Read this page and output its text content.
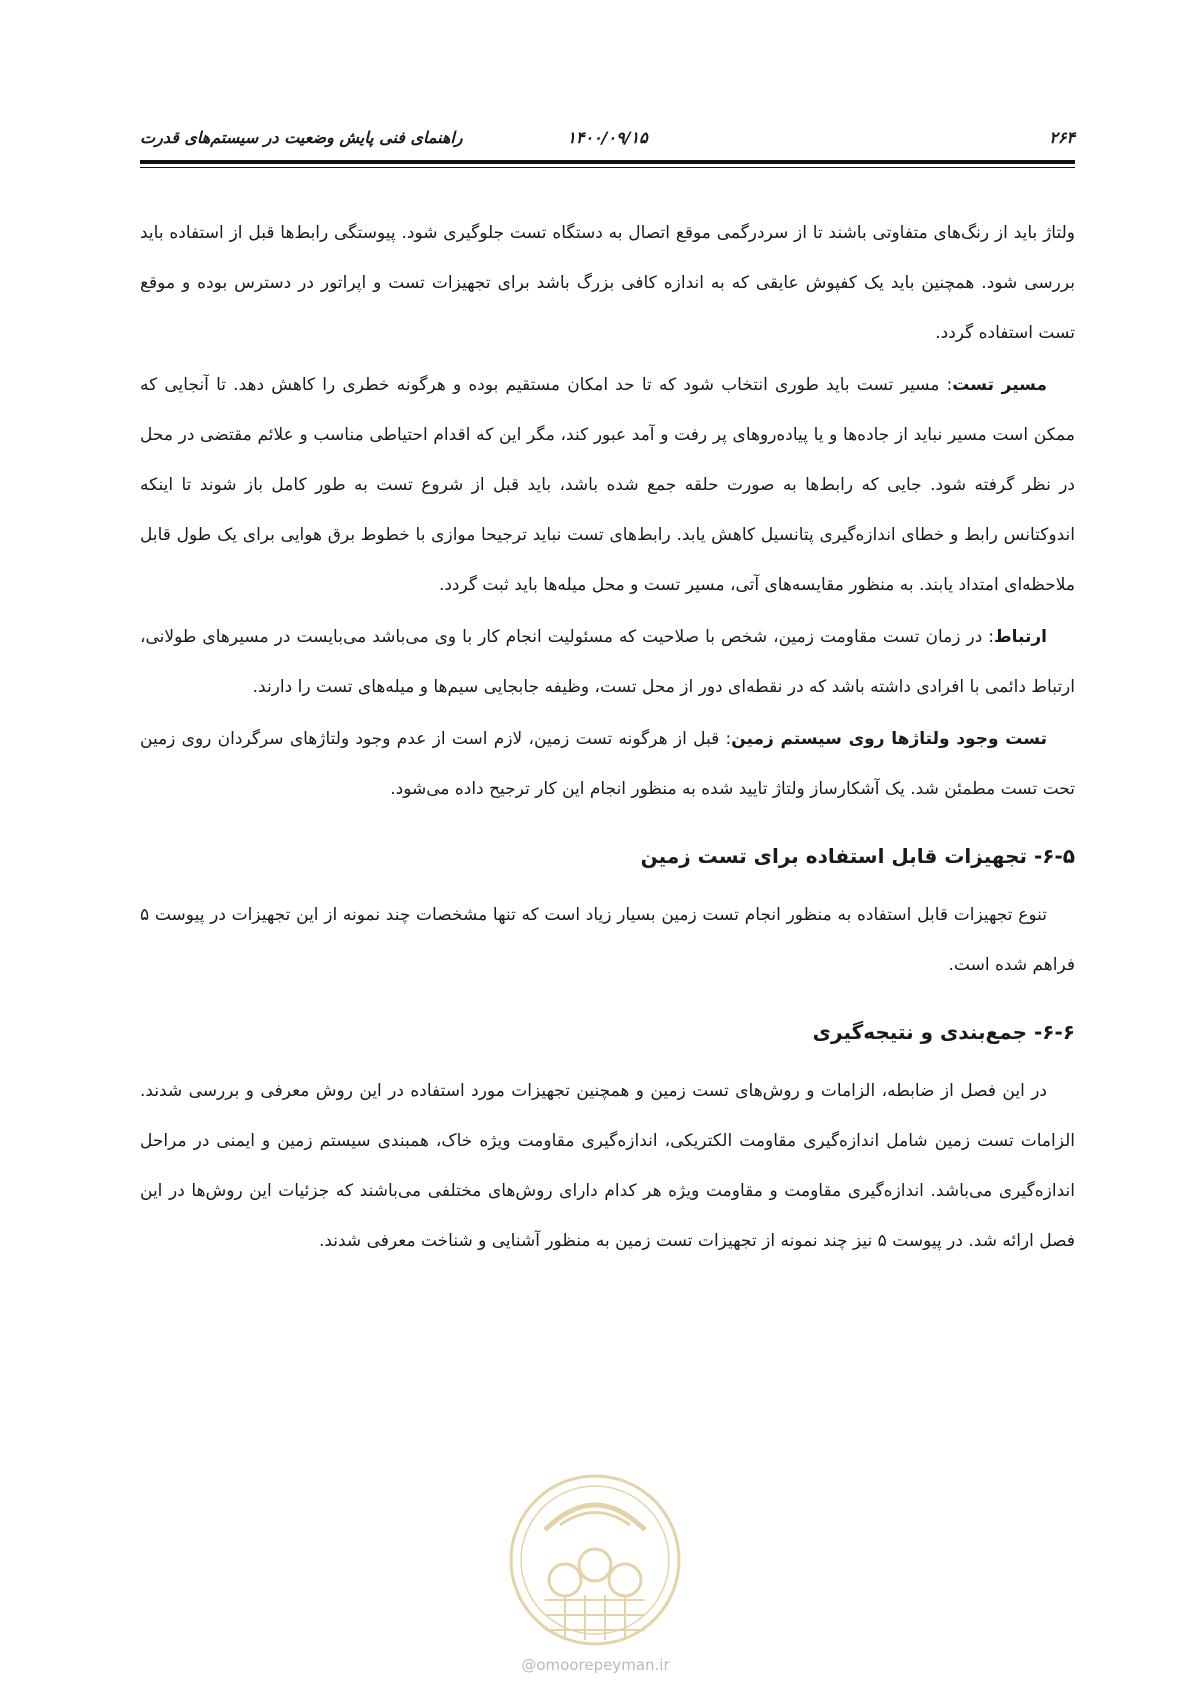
۲۶۴
۱۴۰۰/۰۹/۱۵
راهنمای فنی پایش وضعیت در سیستم‌های قدرت

ولتاژ باید از رنگ‌های متفاوتی باشند تا از سردرگمی موقع اتصال به دستگاه تست جلوگیری شود. پیوستگی رابط‌ها قبل از استفاده باید بررسی شود. همچنین باید یک کفپوش عایقی که به اندازه کافی بزرگ باشد برای تجهیزات تست و اپراتور در دسترس بوده و موقع تست استفاده گردد.

مسیر تست: مسیر تست باید طوری انتخاب شود که تا حد امکان مستقیم بوده و هرگونه خطری را کاهش دهد. تا آنجایی که ممکن است مسیر نباید از جاده‌ها و یا پیاده‌روهای پر رفت و آمد عبور کند، مگر این که اقدام احتیاطی مناسب و علائم مقتضی در محل در نظر گرفته شود. جایی که رابط‌ها به صورت حلقه جمع شده باشد، باید قبل از شروع تست به طور کامل باز شوند تا اینکه اندوکتانس رابط و خطای اندازه‌گیری پتانسیل کاهش یابد. رابط‌های تست نباید ترجیحا موازی با خطوط برق هوایی برای یک طول قابل ملاحظه‌ای امتداد یابند. به منظور مقایسه‌های آتی، مسیر تست و محل میله‌ها باید ثبت گردد.

ارتباط: در زمان تست مقاومت زمین، شخص با صلاحیت که مسئولیت انجام کار با وی می‌باشد می‌بایست در مسیرهای طولانی، ارتباط دائمی با افرادی داشته باشد که در نقطه‌ای دور از محل تست، وظیفه جابجایی سیم‌ها و میله‌های تست را دارند.

تست وجود ولتاژها روی سیستم زمین: قبل از هرگونه تست زمین، لازم است از عدم وجود ولتاژهای سرگردان روی زمین تحت تست مطمئن شد. یک آشکارساز ولتاژ تایید شده به منظور انجام این کار ترجیح داده می‌شود.

۶-۵- تجهیزات قابل استفاده برای تست زمین

تنوع تجهیزات قابل استفاده به منظور انجام تست زمین بسیار زیاد است که تنها مشخصات چند نمونه از این تجهیزات در پیوست ۵ فراهم شده است.

۶-۶- جمع‌بندی و نتیجه‌گیری

در این فصل از ضابطه، الزامات و روش‌های تست زمین و همچنین تجهیزات مورد استفاده در این روش معرفی و بررسی شدند. الزامات تست زمین شامل اندازه‌گیری مقاومت الکتریکی، اندازه‌گیری مقاومت ویژه خاک، همبندی سیستم زمین و ایمنی در مراحل اندازه‌گیری می‌باشد. اندازه‌گیری مقاومت و مقاومت ویژه هر کدام دارای روش‌های مختلفی می‌باشند که جزئیات این روش‌ها در این فصل ارائه شد. در پیوست ۵ نیز چند نمونه از تجهیزات تست زمین به منظور آشنایی و شناخت معرفی شدند.

@omoorepeyman.ir
